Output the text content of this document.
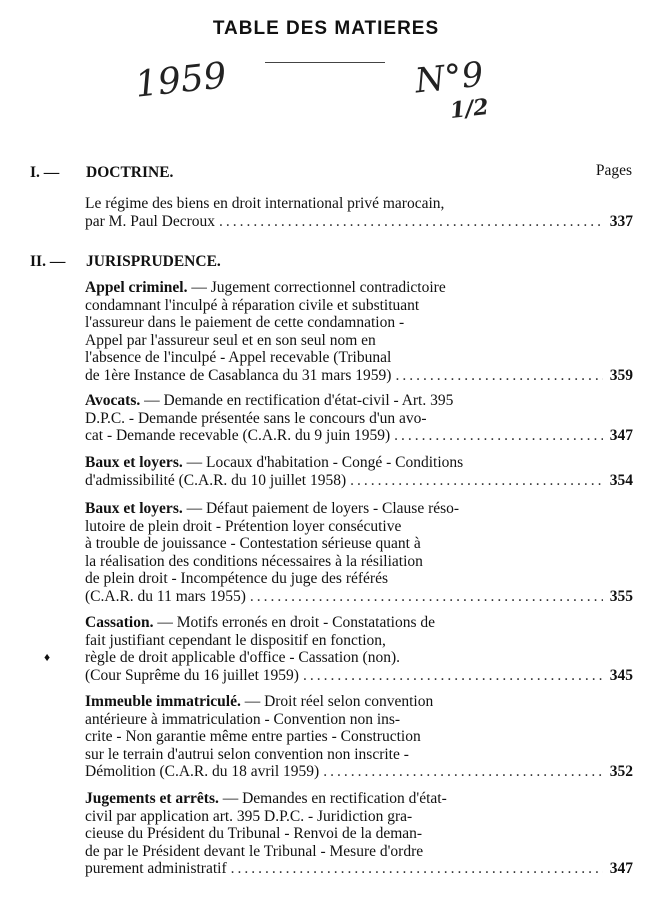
TABLE DES MATIERES
1959	N°9
1/2
Pages
I. — DOCTRINE.
Le régime des biens en droit international privé marocain,
par M. Paul Decroux .....	337
II. — JURISPRUDENCE.
Appel criminel. — Jugement correctionnel contradictoire
condamnant l'inculpé à réparation civile et substituant
l'assureur dans le paiement de cette condamnation -
Appel par l'assureur seul et en son seul nom en
l'absence de l'inculpé - Appel recevable (Tribunal
de 1ère Instance de Casablanca du 31 mars 1959) .....	359
Avocats. — Demande en rectification d'état-civil - Art. 395
D.P.C. - Demande présentée sans le concours d'un avo-
cat - Demande recevable (C.A.R. du 9 juin 1959) .....	347
Baux et loyers. — Locaux d'habitation - Congé - Conditions
d'admissibilité (C.A.R. du 10 juillet 1958) .....	354
Baux et loyers. — Défaut paiement de loyers - Clause réso-
lutoire de plein droit - Prétention loyer consécutive
à trouble de jouissance - Contestation sérieuse quant à
la réalisation des conditions nécessaires à la résiliation
de plein droit - Incompétence du juge des référés
(C.A.R. du 11 mars 1955) .....	355
Cassation. — Motifs erronés en droit - Constatations de
fait justifiant cependant le dispositif en fonction,
règle de droit applicable d'office - Cassation (non).
(Cour Suprême du 16 juillet 1959) .....	345
♦
Immeuble immatriculé. — Droit réel selon convention
antérieure à immatriculation - Convention non ins-
crite - Non garantie même entre parties - Construction
sur le terrain d'autrui selon convention non inscrite -
Démolition (C.A.R. du 18 avril 1959) .....	352
Jugements et arrêts. — Demandes en rectification d'état-
civil par application art. 395 D.P.C. - Juridiction gra-
cieuse du Président du Tribunal - Renvoi de la deman-
de par le Président devant le Tribunal - Mesure d'ordre
purement administratif .....	347
